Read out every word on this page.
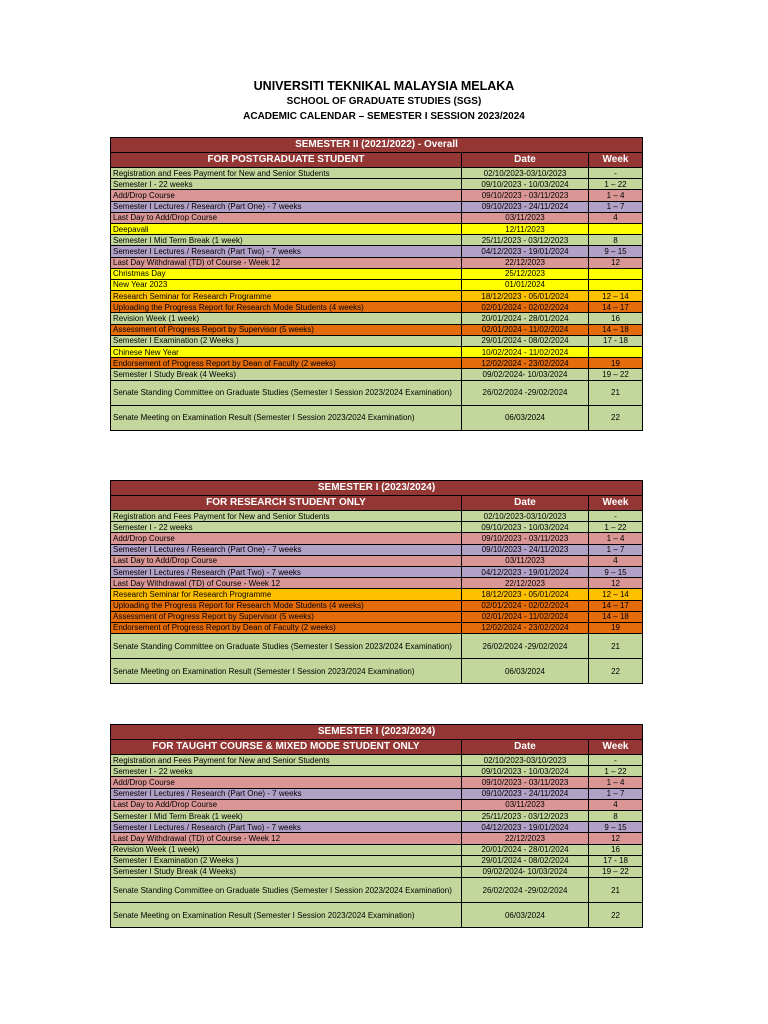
UNIVERSITI TEKNIKAL MALAYSIA MELAKA
SCHOOL OF GRADUATE STUDIES (SGS)
ACADEMIC CALENDAR – SEMESTER I SESSION 2023/2024
SEMESTER II (2021/2022) - Overall		
FOR POSTGRADUATE STUDENT	Date	Week
Registration and Fees Payment for New and Senior Students	02/10/2023-03/10/2023	-
Semester I - 22 weeks	09/10/2023 - 10/03/2024	1 – 22
Add/Drop Course	09/10/2023 - 03/11/2023	1 – 4
Semester I Lectures / Research (Part One) - 7 weeks	09/10/2023 - 24/11/2024	1 – 7
Last Day to Add/Drop Course	03/11/2023	4
Deepavali	12/11/2023	
Semester I Mid Term Break (1 week)	25/11/2023 - 03/12/2023	8
Semester I Lectures / Research (Part Two) - 7 weeks	04/12/2023 - 19/01/2024	9 – 15
Last Day Withdrawal (TD) of Course - Week 12	22/12/2023	12
Christmas Day	25/12/2023	
New Year 2023	01/01/2024	
Research Seminar for Research Programme	18/12/2023 - 05/01/2024	12 – 14
Uploading the Progress Report for Research Mode Students (4 weeks)	02/01/2024 - 02/02/2024	14 – 17
Revision Week (1 week)	20/01/2024 - 28/01/2024	16
Assessment of Progress Report by Supervisor (5 weeks)	02/01/2024 - 11/02/2024	14 – 18
Semester I Examination (2 Weeks )	29/01/2024 - 08/02/2024	17 - 18
Chinese New Year	10/02/2024 - 11/02/2024	
Endorsement of Progress Report by Dean of Faculty (2 weeks)	12/02/2024 - 23/02/2024	19
Semester I Study Break (4 Weeks)	09/02/2024- 10/03/2024	19 – 22
Senate Standing Committee on Graduate Studies (Semester I Session 2023/2024 Examination)	26/02/2024 -29/02/2024	21
Senate Meeting on Examination Result (Semester I Session 2023/2024 Examination)	06/03/2024	22
SEMESTER I (2023/2024)		
FOR RESEARCH STUDENT ONLY	Date	Week
Registration and Fees Payment for New and Senior Students	02/10/2023-03/10/2023	-
Semester I - 22 weeks	09/10/2023 - 10/03/2024	1 – 22
Add/Drop Course	09/10/2023 - 03/11/2023	1 – 4
Semester I Lectures / Research (Part One) - 7 weeks	09/10/2023 - 24/11/2023	1 – 7
Last Day to Add/Drop Course	03/11/2023	4
Semester I Lectures / Research (Part Two) - 7 weeks	04/12/2023 - 19/01/2024	9 – 15
Last Day Withdrawal (TD) of Course - Week 12	22/12/2023	12
Research Seminar for Research Programme	18/12/2023 - 05/01/2024	12 – 14
Uploading the Progress Report for Research Mode Students (4 weeks)	02/01/2024 - 02/02/2024	14 – 17
Assessment of Progress Report by Supervisor (5 weeks)	02/01/2024 - 11/02/2024	14 – 18
Endorsement of Progress Report by Dean of Faculty (2 weeks)	12/02/2024 - 23/02/2024	19
Senate Standing Committee on Graduate Studies (Semester I Session 2023/2024 Examination)	26/02/2024 -29/02/2024	21
Senate Meeting on Examination Result (Semester I Session 2023/2024 Examination)	06/03/2024	22
SEMESTER I (2023/2024)		
FOR TAUGHT COURSE & MIXED MODE STUDENT ONLY	Date	Week
Registration and Fees Payment for New and Senior Students	02/10/2023-03/10/2023	-
Semester I - 22 weeks	09/10/2023 - 10/03/2024	1 – 22
Add/Drop Course	09/10/2023 - 03/11/2023	1 – 4
Semester I Lectures / Research (Part One) - 7 weeks	09/10/2023 - 24/11/2024	1 – 7
Last Day to Add/Drop Course	03/11/2023	4
Semester I Mid Term Break (1 week)	25/11/2023 - 03/12/2023	8
Semester I Lectures / Research (Part Two) - 7 weeks	04/12/2023 - 19/01/2024	9 – 15
Last Day Withdrawal (TD) of Course - Week 12	22/12/2023	12
Revision Week (1 week)	20/01/2024 - 28/01/2024	16
Semester I Examination (2 Weeks )	29/01/2024 - 08/02/2024	17 - 18
Semester I Study Break (4 Weeks)	09/02/2024- 10/03/2024	19 – 22
Senate Standing Committee on Graduate Studies (Semester I Session 2023/2024 Examination)	26/02/2024 -29/02/2024	21
Senate Meeting on Examination Result (Semester I Session 2023/2024 Examination)	06/03/2024	22
